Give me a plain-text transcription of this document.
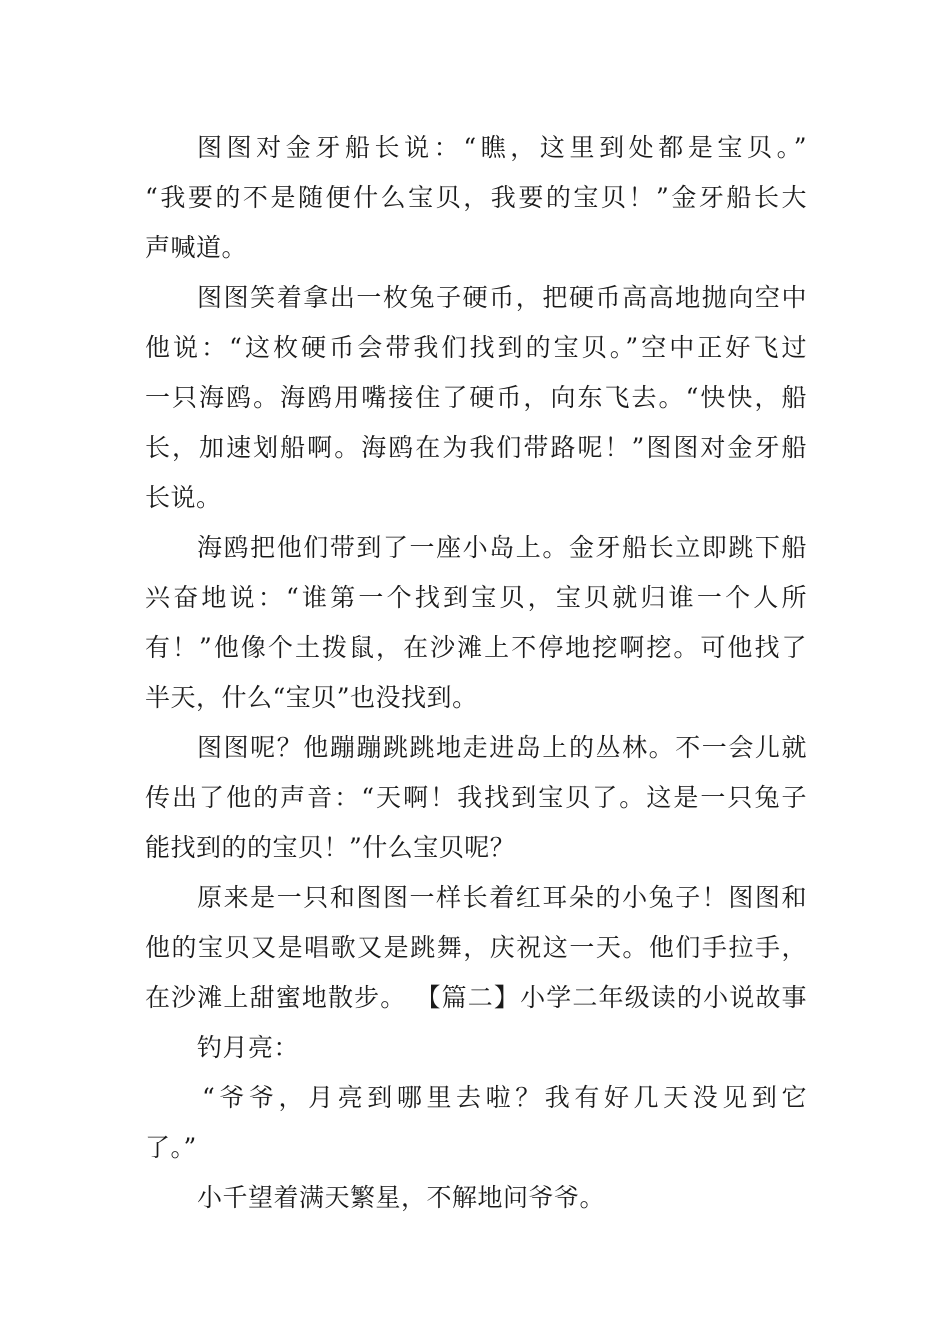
图图对金牙船长说：“瞧，这里到处都是宝贝。”
“我要的不是随便什么宝贝，我要的宝贝！”金牙船长大
声喊道。
图图笑着拿出一枚兔子硬币，把硬币高高地抛向空中
他说：“这枚硬币会带我们找到的宝贝。”空中正好飞过
一只海鸥。海鸥用嘴接住了硬币，向东飞去。“快快，船
长，加速划船啊。海鸥在为我们带路呢！”图图对金牙船
长说。
海鸥把他们带到了一座小岛上。金牙船长立即跳下船
兴奋地说：“谁第一个找到宝贝，宝贝就归谁一个人所
有！”他像个土拨鼠，在沙滩上不停地挖啊挖。可他找了
半天，什么“宝贝”也没找到。
图图呢？他蹦蹦跳跳地走进岛上的丛林。不一会儿就
传出了他的声音：“天啊！我找到宝贝了。这是一只兔子
能找到的的宝贝！”什么宝贝呢？
原来是一只和图图一样长着红耳朵的小兔子！图图和
他的宝贝又是唱歌又是跳舞，庆祝这一天。他们手拉手，
在沙滩上甜蜜地散步。 【篇二】小学二年级读的小说故事
钓月亮：
“爷爷，月亮到哪里去啦？我有好几天没见到它
了。”
小千望着满天繁星，不解地问爷爷。
